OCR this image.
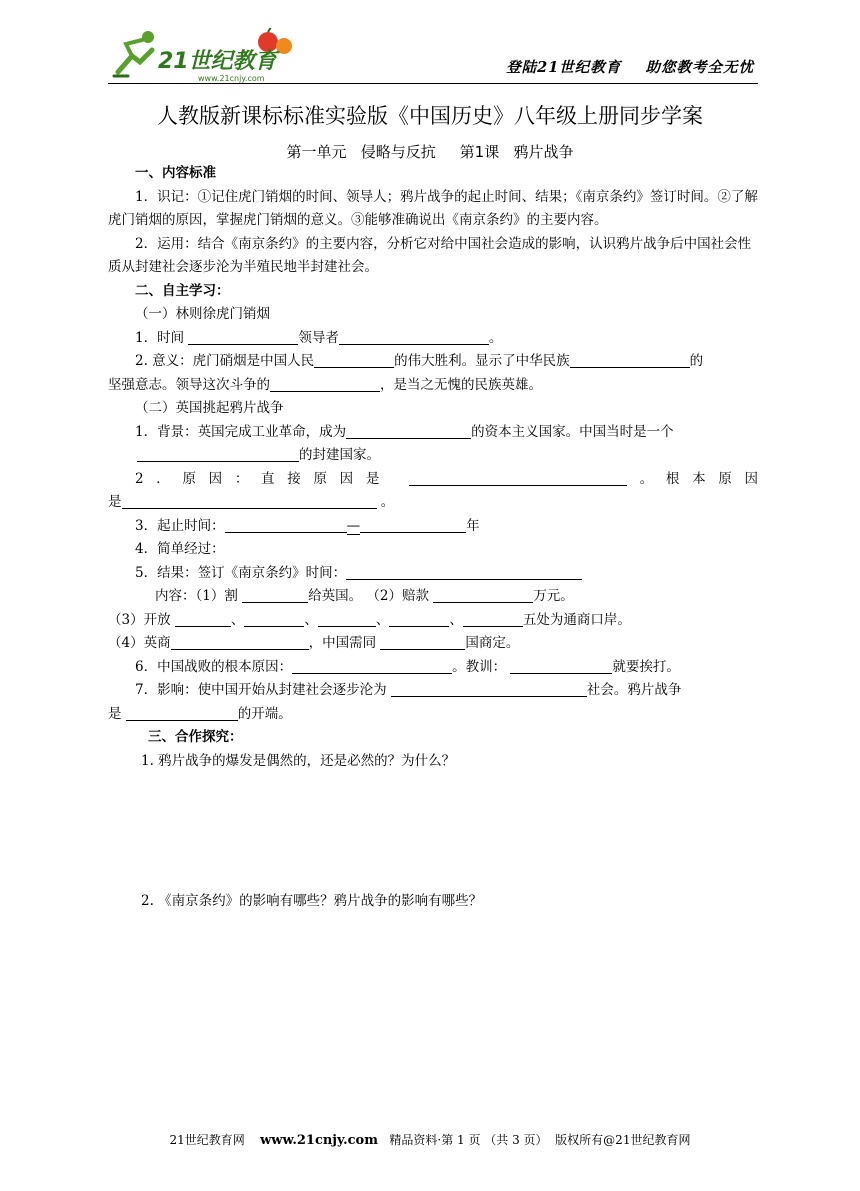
21世纪教育
www.21cnjy.com
登陆21世纪教育    助您教考全无忧
人教版新课标标准实验版《中国历史》八年级上册同步学案
第一单元   侵略与反抗     第1课   鸦片战争
一、内容标准
1．识记：①记住虎门销烟的时间、领导人；鸦片战争的起止时间、结果；《南京条约》签订时间。②了解虎门销烟的原因，掌握虎门销烟的意义。③能够准确说出《南京条约》的主要内容。
2．运用：结合《南京条约》的主要内容，分析它对给中国社会造成的影响，认识鸦片战争后中国社会性质从封建社会逐步沦为半殖民地半封建社会。
二、自主学习：
（一）林则徐虎门销烟
1．时间	领导者	。
2. 意义：虎门硝烟是中国人民	的伟大胜利。显示了中华民族	的
坚强意志。领导这次斗争的	，是当之无愧的民族英雄。
（二）英国挑起鸦片战争
1．背景：英国完成工业革命，成为	的资本主义国家。中国当时是一个
的封建国家。
2．原因：直接原因是	。根本原因
是	。
3．起止时间：	—	年
4．简单经过：
5．结果：签订《南京条约》时间：
内容：（1）割	给英国。 （2）赔款	万元。
（3）开放	、	、	、	、	五处为通商口岸。
（4）英商	，中国需同	国商定。
6．中国战败的根本原因：	。教训：	就要挨打。
7．影响：使中国开始从封建社会逐步沦为	社会。鸦片战争
是	的开端。
三、合作探究：
1. 鸦片战争的爆发是偶然的，还是必然的？为什么？
2. 《南京条约》的影响有哪些？鸦片战争的影响有哪些？
21世纪教育网    www.21cnjy.com   精品资料·第 1 页 （共 3 页）  版权所有@21世纪教育网
